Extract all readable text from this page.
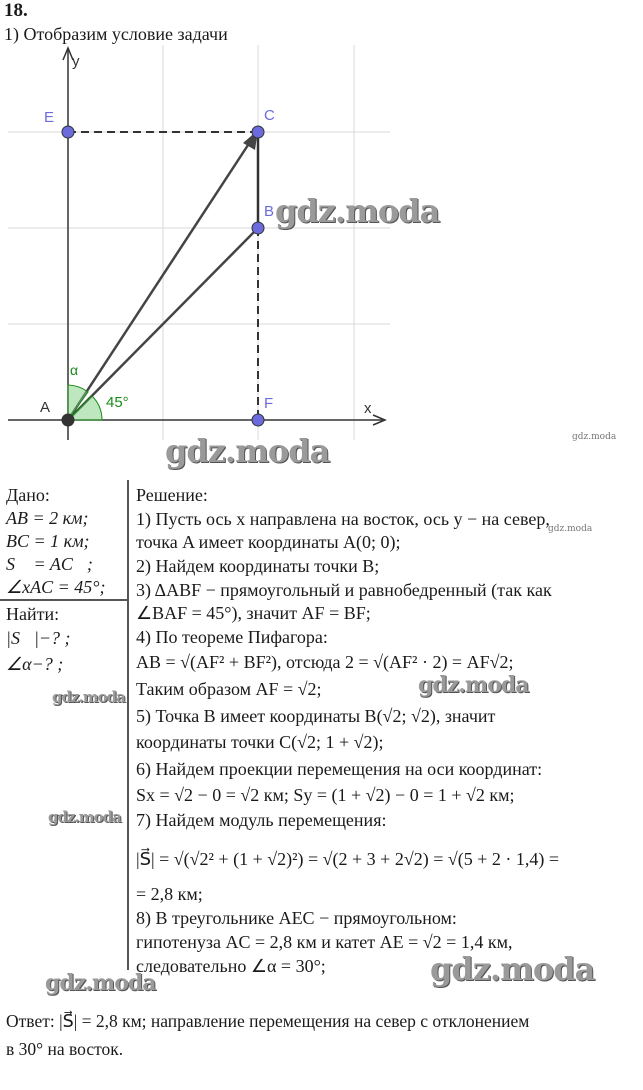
18.
1) Отобразим условие задачи
y
x
α
45°
E	C
B
F
A
Дано:
AB = 2 км;
BC = 1 км;
S⃗ = AC⃗;
∠xAC = 45°;
Найти:
|S⃗|−? ;
∠α−? ;
Решение:
1) Пусть ось x направлена на восток, ось y − на север,
точка A имеет координаты A(0; 0);
2) Найдем координаты точки B;
3) ΔABF − прямоугольный и равнобедренный (так как
∠BAF = 45°), значит AF = BF;
4) По теореме Пифагора:
AB = √(AF² + BF²), отсюда 2 = √(AF² · 2) = AF√2;
Таким образом AF = √2;
5) Точка B имеет координаты B(√2; √2), значит
координаты точки C(√2; 1 + √2);
6) Найдем проекции перемещения на оси координат:
Sx = √2 − 0 = √2 км; Sy = (1 + √2) − 0 = 1 + √2 км;
7) Найдем модуль перемещения:
|S⃗| = √(√2² + (1 + √2)²) = √(2 + 3 + 2√2) = √(5 + 2 · 1,4) =
= 2,8 км;
8) В треугольнике AEC − прямоугольном:
гипотенуза AC = 2,8 км и катет AE = √2 = 1,4 км,
следовательно ∠α = 30°;
Ответ: |S⃗| = 2,8 км; направление перемещения на север с отклонением
в 30° на восток.
gdz.moda
gdz.moda
gdz.moda
gdz.moda
gdz.moda
gdz.moda
gdz.moda
gdz.moda
gdz.moda
